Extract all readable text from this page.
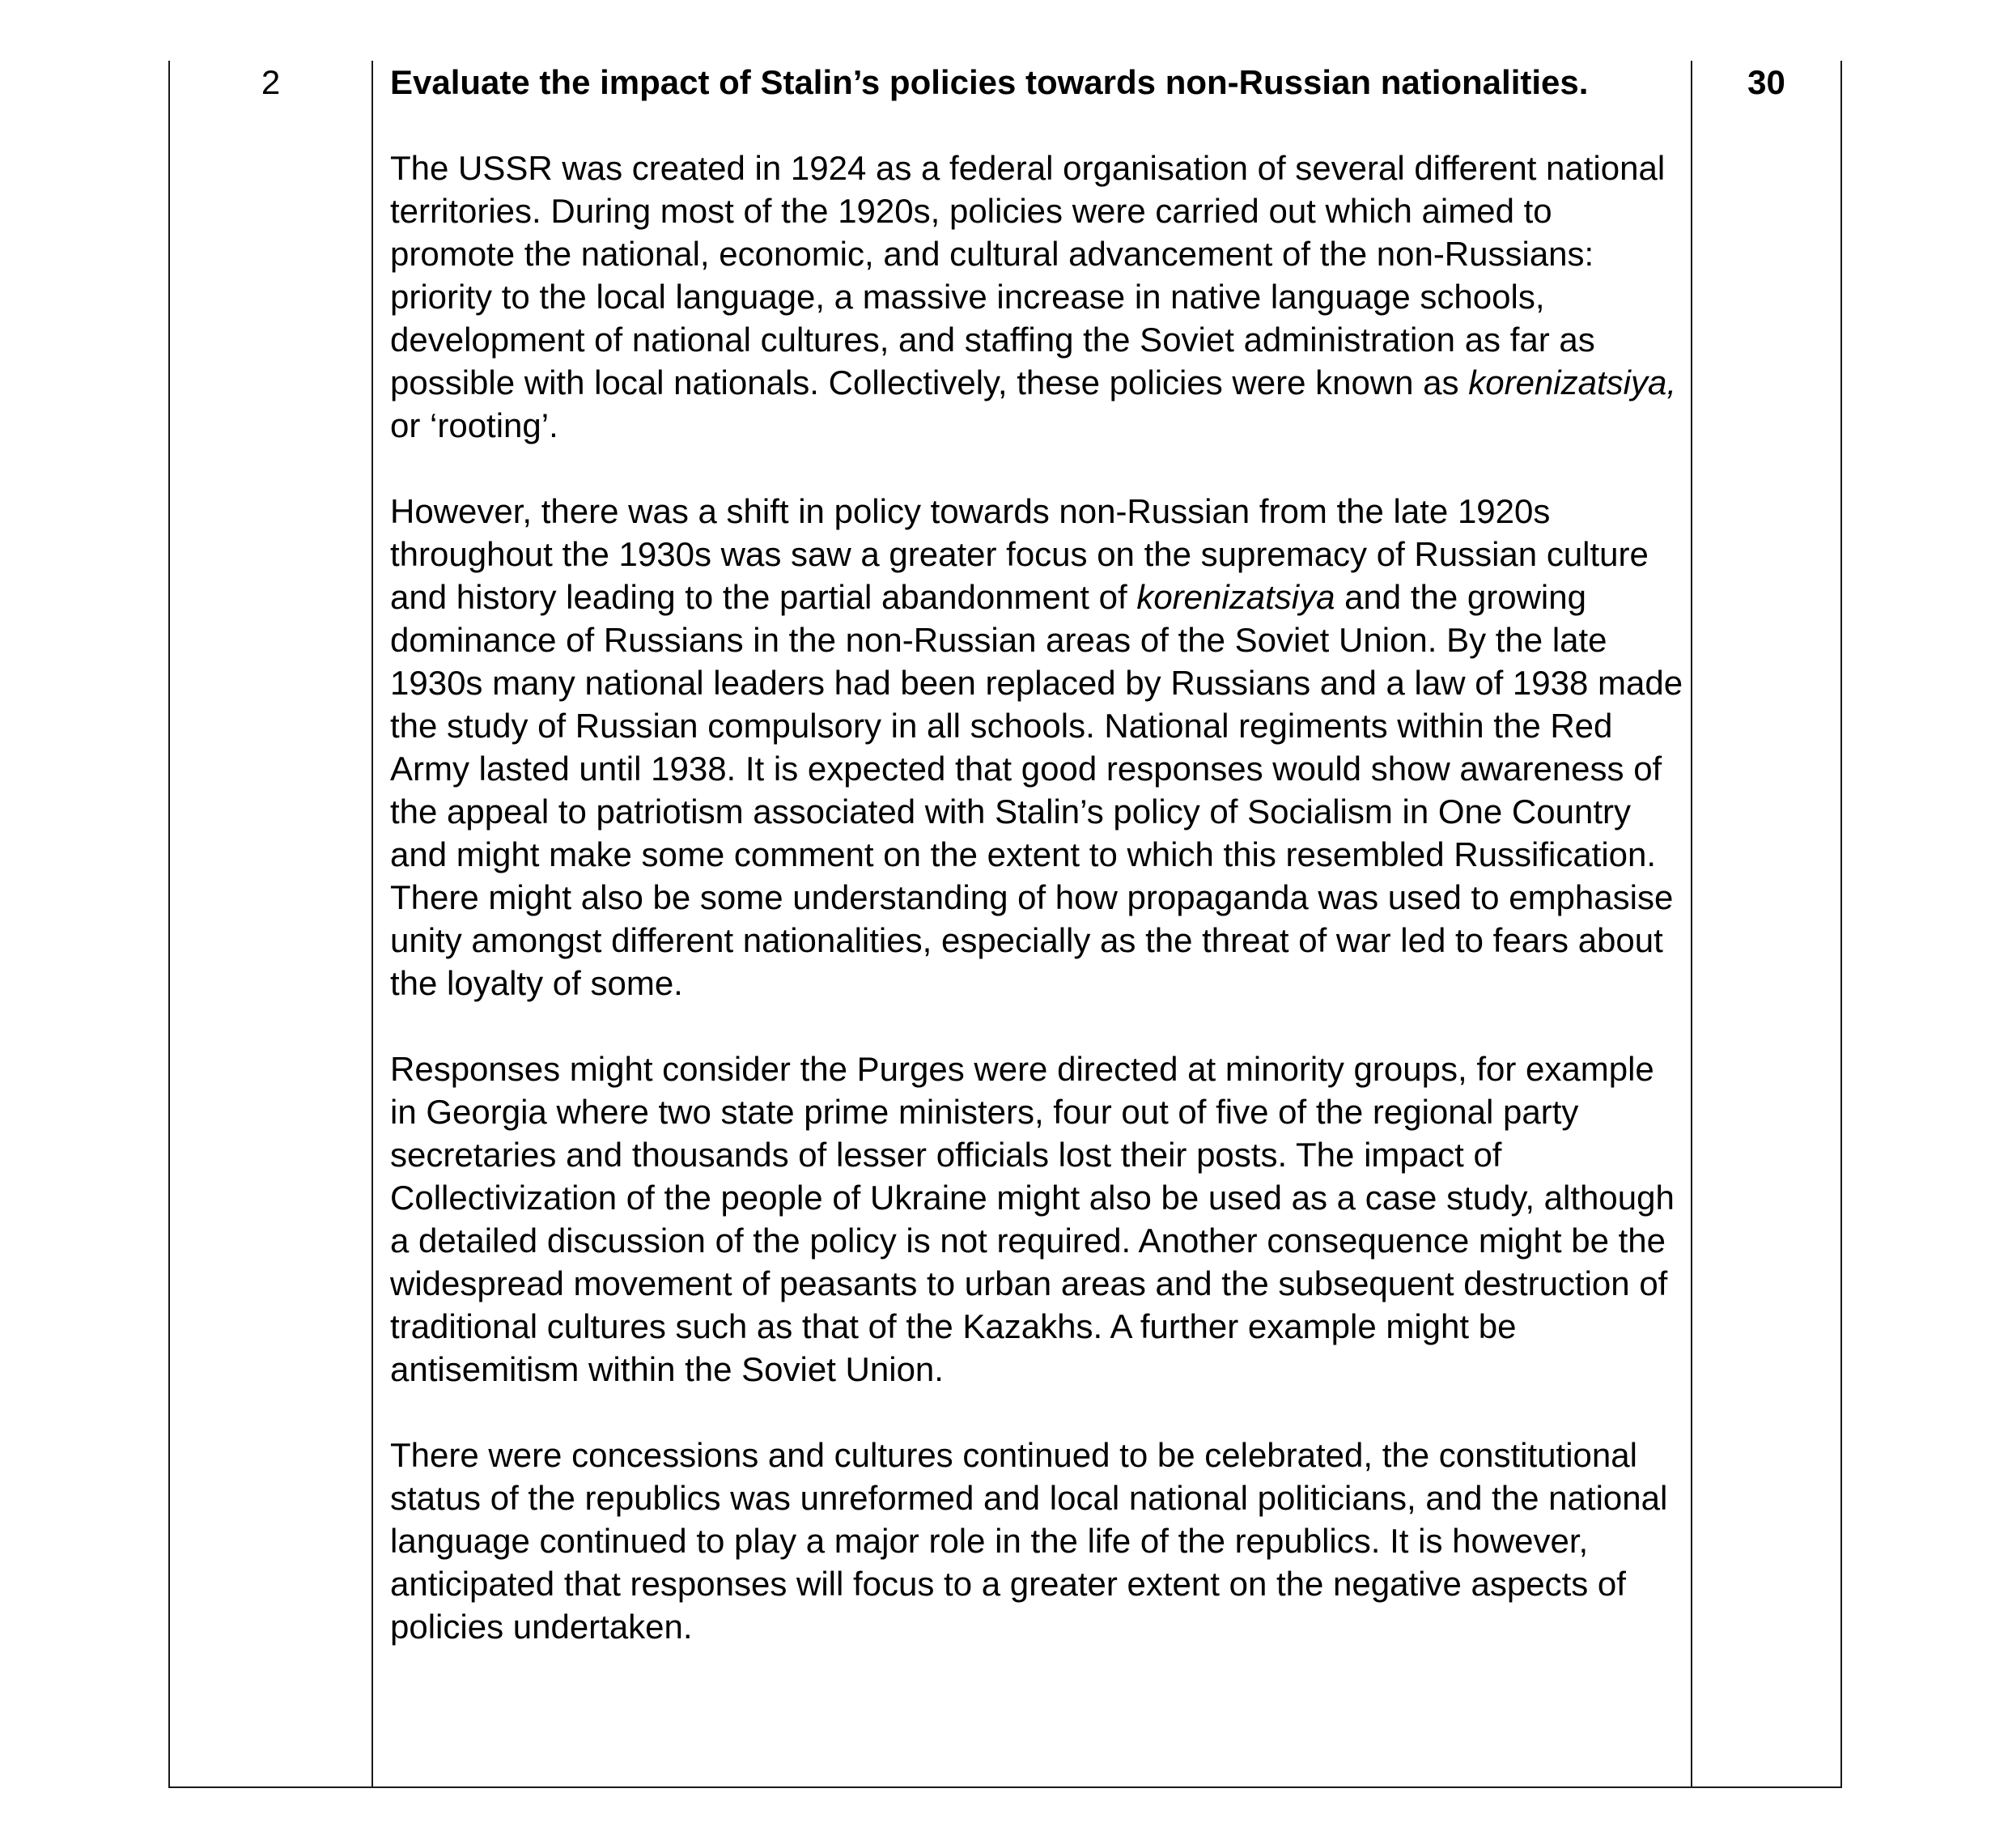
2	Evaluate the impact of Stalin’s policies towards non-Russian nationalities.

The USSR was created in 1924 as a federal organisation of several different national territories. During most of the 1920s, policies were carried out which aimed to promote the national, economic, and cultural advancement of the non-Russians: priority to the local language, a massive increase in native language schools, development of national cultures, and staffing the Soviet administration as far as possible with local nationals. Collectively, these policies were known as korenizatsiya, or ‘rooting’.

However, there was a shift in policy towards non-Russian from the late 1920s throughout the 1930s was saw a greater focus on the supremacy of Russian culture and history leading to the partial abandonment of korenizatsiya and the growing dominance of Russians in the non-Russian areas of the Soviet Union. By the late 1930s many national leaders had been replaced by Russians and a law of 1938 made the study of Russian compulsory in all schools. National regiments within the Red Army lasted until 1938. It is expected that good responses would show awareness of the appeal to patriotism associated with Stalin’s policy of Socialism in One Country and might make some comment on the extent to which this resembled Russification. There might also be some understanding of how propaganda was used to emphasise unity amongst different nationalities, especially as the threat of war led to fears about the loyalty of some.

Responses might consider the Purges were directed at minority groups, for example in Georgia where two state prime ministers, four out of five of the regional party secretaries and thousands of lesser officials lost their posts. The impact of Collectivization of the people of Ukraine might also be used as a case study, although a detailed discussion of the policy is not required. Another consequence might be the widespread movement of peasants to urban areas and the subsequent destruction of traditional cultures such as that of the Kazakhs. A further example might be antisemitism within the Soviet Union.

There were concessions and cultures continued to be celebrated, the constitutional status of the republics was unreformed and local national politicians, and the national language continued to play a major role in the life of the republics. It is however, anticipated that responses will focus to a greater extent on the negative aspects of policies undertaken.

30
